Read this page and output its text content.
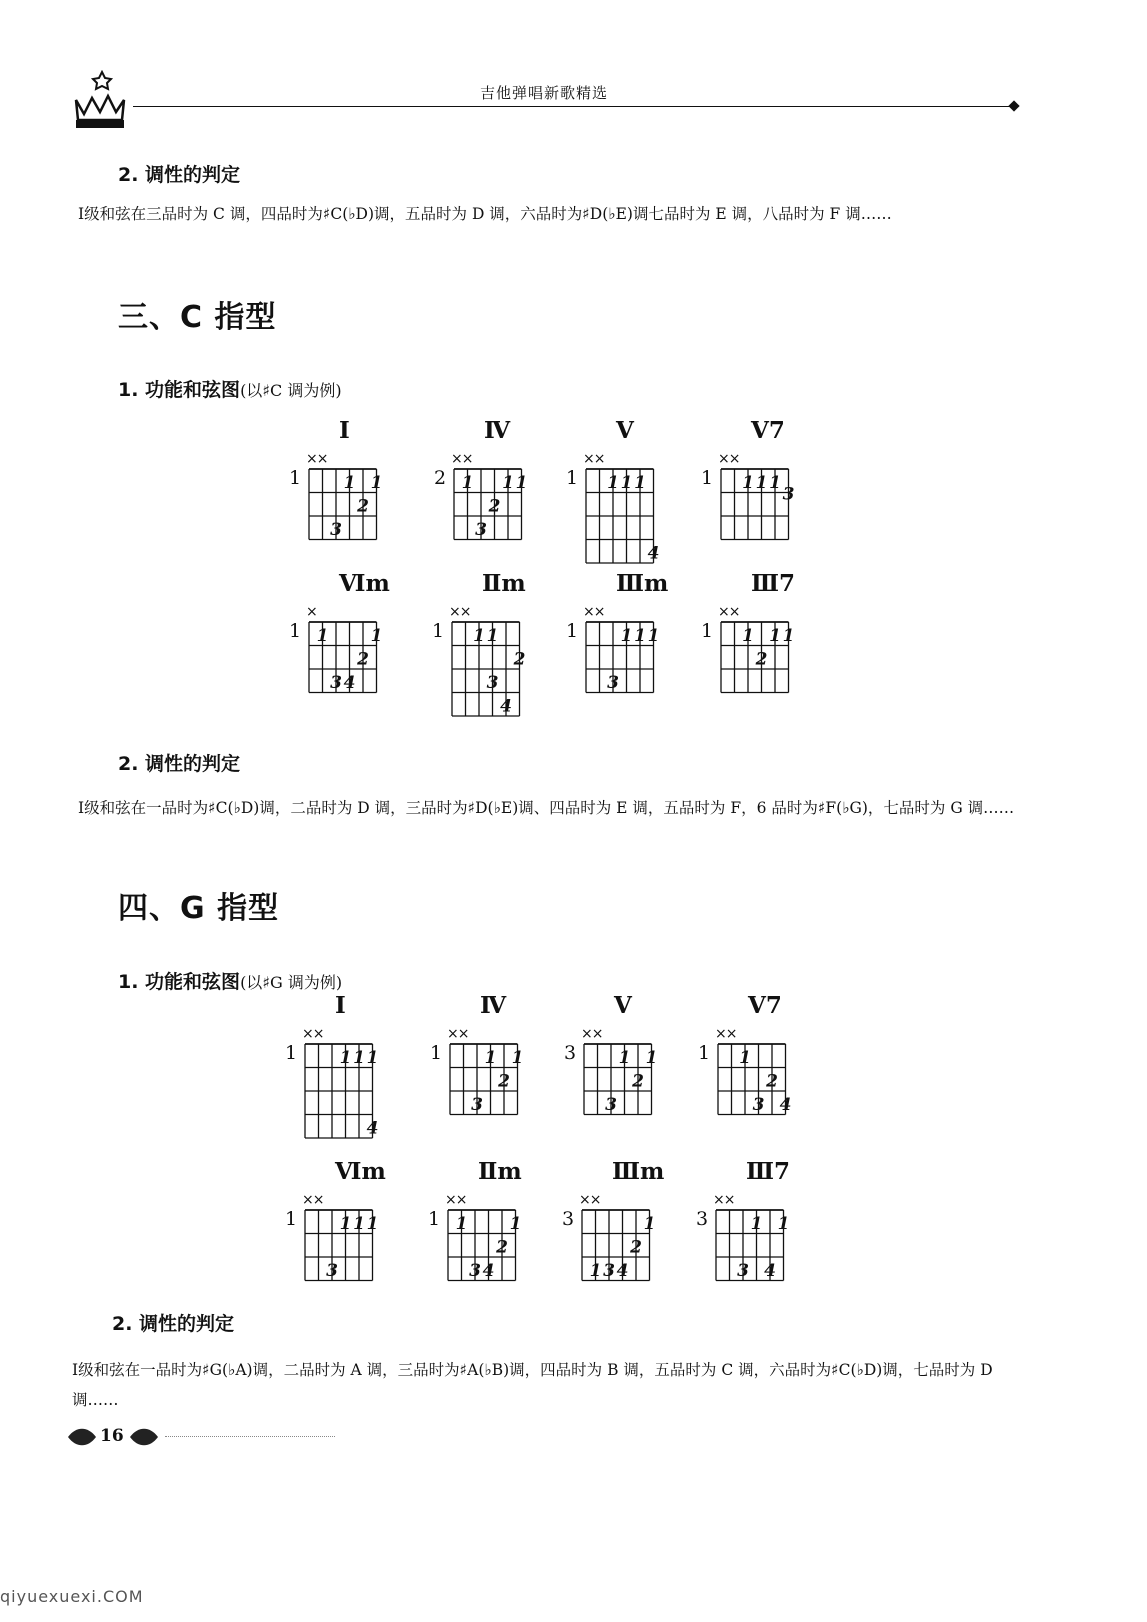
吉他弹唱新歌精选
2. 调性的判定
Ⅰ级和弦在三品时为 C 调，四品时为♯C(♭D)调，五品时为 D 调，六品时为♯D(♭E)调七品时为 E 调，八品时为 F 调……
三、C 指型
1. 功能和弦图(以♯C 调为例)
Ⅰ
××
1 1 1
2
3
Ⅳ
××
2 1 1 1
2
3
Ⅴ
××
1 1 1 1
4
Ⅴ7
××
1 1 1 1
3
Ⅵm
×
1 1 1
2
3 4
Ⅱm
××
1 1 1
2
3
4
Ⅲm
××
1 1 1 1
3
Ⅲ7
××
1 1 1 1
2
2. 调性的判定
Ⅰ级和弦在一品时为♯C(♭D)调，二品时为 D 调，三品时为♯D(♭E)调、四品时为 E 调，五品时为 F，6 品时为♯F(♭G)，七品时为 G 调……
四、G 指型
1. 功能和弦图(以♯G 调为例)
Ⅰ
××
1 1 1 1
4
Ⅳ
××
1 1 1
2
3
Ⅴ
××
3 1 1
2
3
Ⅴ7
××
1 1
2
3 4
Ⅵm
××
1 1 1 1
3
Ⅱm
××
1 1 1
2
3 4
Ⅲm
××
3	1
2
1 3 4
Ⅲ7
××
3 1 1
3 4
2. 调性的判定
Ⅰ级和弦在一品时为♯G(♭A)调，二品时为 A 调，三品时为♯A(♭B)调，四品时为 B 调，五品时为 C 调，六品时为♯C(♭D)调，七品时为 D 调……
16
qiyuexuexi.COM
